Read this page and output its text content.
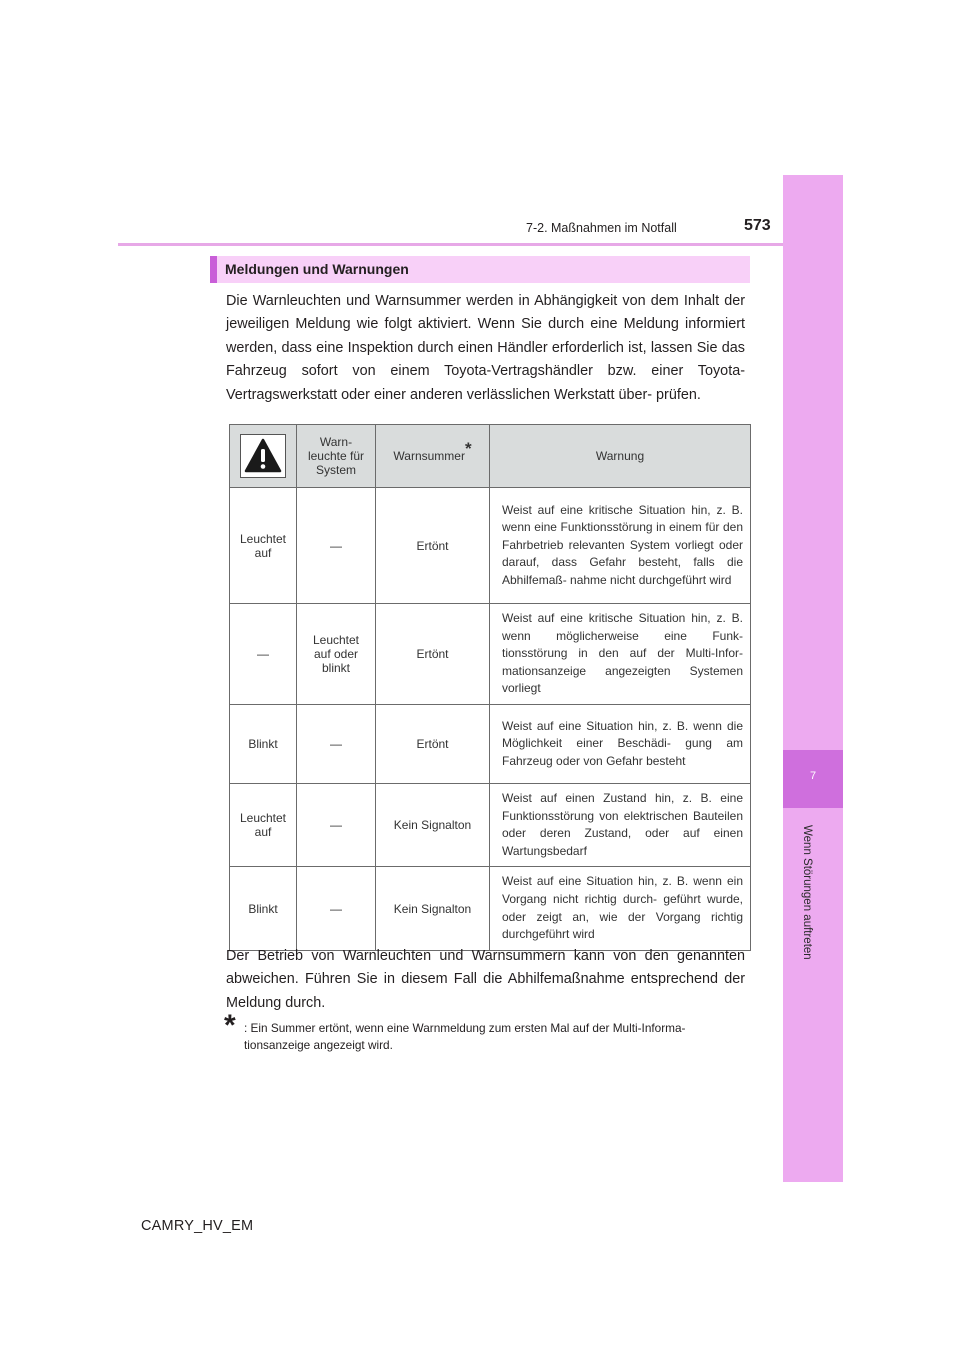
7-2. Maßnahmen im Notfall	573
7
Wenn Störungen auftreten
Meldungen und Warnungen
Die Warnleuchten und Warnsummer werden in Abhängigkeit von dem Inhalt der jeweiligen Meldung wie folgt aktiviert. Wenn Sie durch eine Meldung informiert werden, dass eine Inspektion durch einen Händler erforderlich ist, lassen Sie das Fahrzeug sofort von einem Toyota-Vertragshändler bzw. einer Toyota-Vertragswerkstatt oder einer anderen verlässlichen Werkstatt über- prüfen.
	Warn- leuchte für System	Warnsummer*	Warnung
Leuchtet auf	—	Ertönt	Weist auf eine kritische Situation hin, z. B. wenn eine Funktionsstörung in einem für den Fahrbetrieb relevanten System vorliegt oder darauf, dass Gefahr besteht, falls die Abhilfemaß- nahme nicht durchgeführt wird
—	Leuchtet auf oder blinkt	Ertönt	Weist auf eine kritische Situation hin, z. B. wenn möglicherweise eine Funk- tionsstörung in den auf der Multi-Infor- mationsanzeige angezeigten Systemen vorliegt
Blinkt	—	Ertönt	Weist auf eine Situation hin, z. B. wenn die Möglichkeit einer Beschädi- gung am Fahrzeug oder von Gefahr besteht
Leuchtet auf	—	Kein Signalton	Weist auf einen Zustand hin, z. B. eine Funktionsstörung von elektrischen Bauteilen oder deren Zustand, oder auf einen Wartungsbedarf
Blinkt	—	Kein Signalton	Weist auf eine Situation hin, z. B. wenn ein Vorgang nicht richtig durch- geführt wurde, oder zeigt an, wie der Vorgang richtig durchgeführt wird
Der Betrieb von Warnleuchten und Warnsummern kann von den genannten abweichen. Führen Sie in diesem Fall die Abhilfemaßnahme entsprechend der Meldung durch.
* : Ein Summer ertönt, wenn eine Warnmeldung zum ersten Mal auf der Multi-Informa- tionsanzeige angezeigt wird.
CAMRY_HV_EM
